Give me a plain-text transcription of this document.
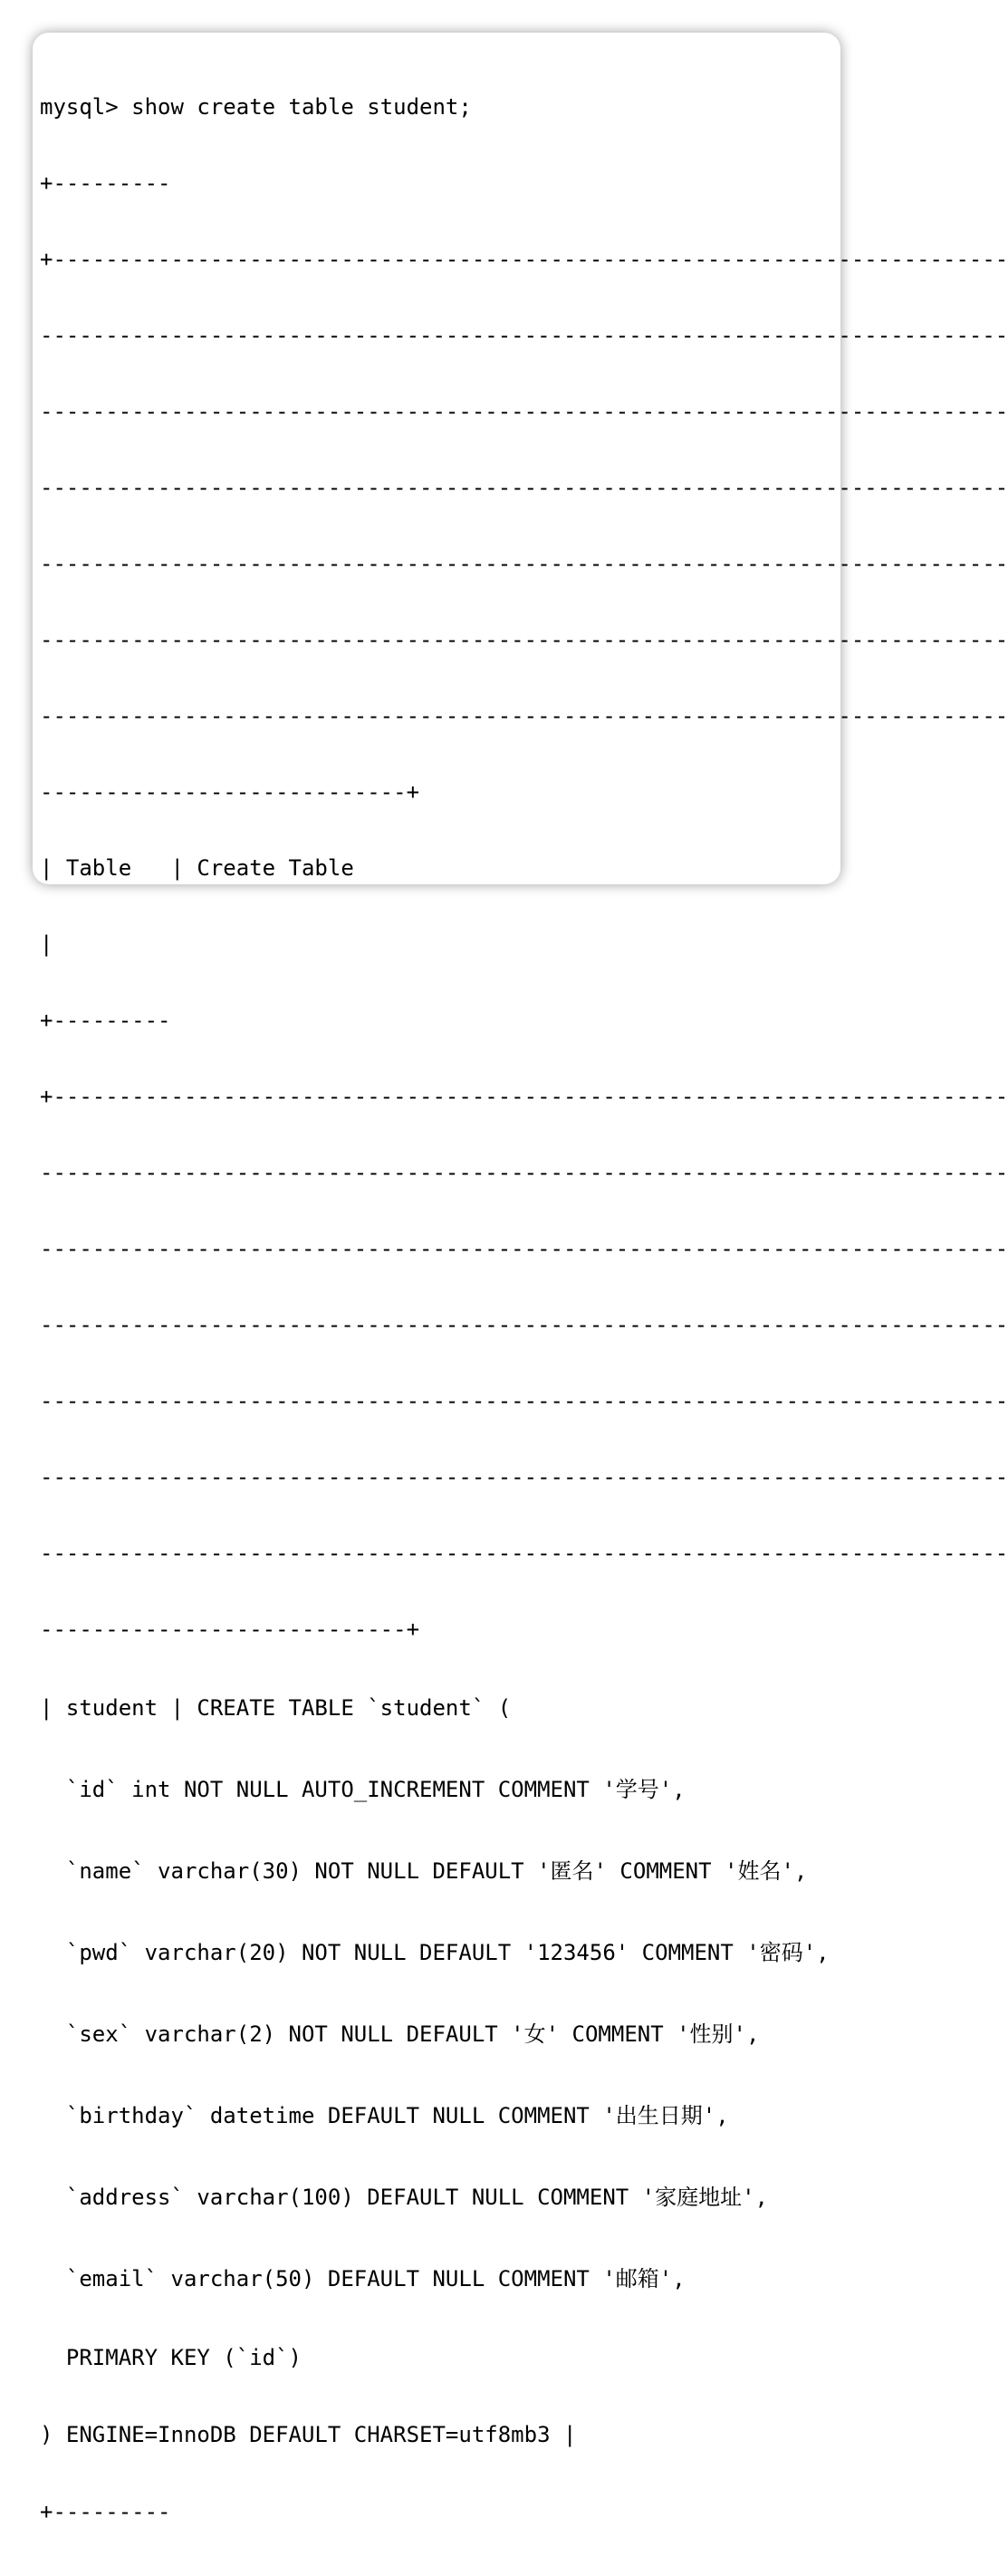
mysql> show create table student;

+---------

+-------------------------------------------------------------------------

--------------------------------------------------------------------------

--------------------------------------------------------------------------

--------------------------------------------------------------------------

--------------------------------------------------------------------------

--------------------------------------------------------------------------

--------------------------------------------------------------------------

----------------------------+

| Table   | Create Table

|

+---------

+-------------------------------------------------------------------------

--------------------------------------------------------------------------

--------------------------------------------------------------------------

--------------------------------------------------------------------------

--------------------------------------------------------------------------

--------------------------------------------------------------------------

--------------------------------------------------------------------------

----------------------------+

| student | CREATE TABLE `student` (

`id` int NOT NULL AUTO_INCREMENT COMMENT '学号',

`name` varchar(30) NOT NULL DEFAULT '匿名' COMMENT '姓名',

`pwd` varchar(20) NOT NULL DEFAULT '123456' COMMENT '密码',

`sex` varchar(2) NOT NULL DEFAULT '女' COMMENT '性别',

`birthday` datetime DEFAULT NULL COMMENT '出生日期',

`address` varchar(100) DEFAULT NULL COMMENT '家庭地址',

`email` varchar(50) DEFAULT NULL COMMENT '邮箱',

PRIMARY KEY (`id`)

) ENGINE=InnoDB DEFAULT CHARSET=utf8mb3 |

+---------
